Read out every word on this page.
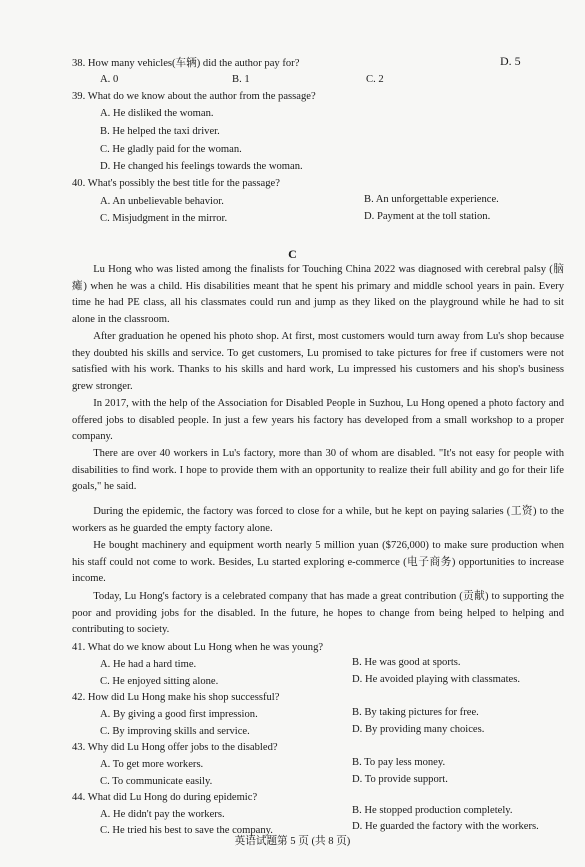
D. 5
38. How many vehicles(车辆) did the author pay for?
A. 0	B. 1	C. 2
39. What do we know about the author from the passage?
A. He disliked the woman.
B. He helped the taxi driver.
C. He gladly paid for the woman.
D. He changed his feelings towards the woman.
40. What's possibly the best title for the passage?
A. An unbelievable behavior.	B. An unforgettable experience.
C. Misjudgment in the mirror.	D. Payment at the toll station.
C
Lu Hong who was listed among the finalists for Touching China 2022 was diagnosed with cerebral palsy (脑瘫) when he was a child. His disabilities meant that he spent his primary and middle school years in pain. Every time he had PE class, all his classmates could run and jump as they liked on the playground while he had to sit alone in the classroom.
After graduation he opened his photo shop. At first, most customers would turn away from Lu's shop because they doubted his skills and service. To get customers, Lu promised to take pictures for free if customers were not satisfied with his work. Thanks to his skills and hard work, Lu impressed his customers and his shop's business grew stronger.
In 2017, with the help of the Association for Disabled People in Suzhou, Lu Hong opened a photo factory and offered jobs to disabled people. In just a few years his factory has developed from a small workshop to a proper company.
There are over 40 workers in Lu's factory, more than 30 of whom are disabled. "It's not easy for people with disabilities to find work. I hope to provide them with an opportunity to realize their full ability and go for their life goals," he said.
During the epidemic, the factory was forced to close for a while, but he kept on paying salaries (工资) to the workers as he guarded the empty factory alone.
He bought machinery and equipment worth nearly 5 million yuan ($726,000) to make sure production when his staff could not come to work. Besides, Lu started exploring e-commerce (电子商务) opportunities to increase income.
Today, Lu Hong's factory is a celebrated company that has made a great contribution (贡献) to supporting the poor and providing jobs for the disabled. In the future, he hopes to change from being helped to helping and contributing to society.
41. What do we know about Lu Hong when he was young?
A. He had a hard time.	B. He was good at sports.
C. He enjoyed sitting alone.	D. He avoided playing with classmates.
42. How did Lu Hong make his shop successful?
A. By giving a good first impression.	B. By taking pictures for free.
C. By improving skills and service.	D. By providing many choices.
43. Why did Lu Hong offer jobs to the disabled?
A. To get more workers.	B. To pay less money.
C. To communicate easily.	D. To provide support.
44. What did Lu Hong do during epidemic?
A. He didn't pay the workers.	B. He stopped production completely.
C. He tried his best to save the company.	D. He guarded the factory with the workers.
英语试题第 5 页 (共 8 页)
